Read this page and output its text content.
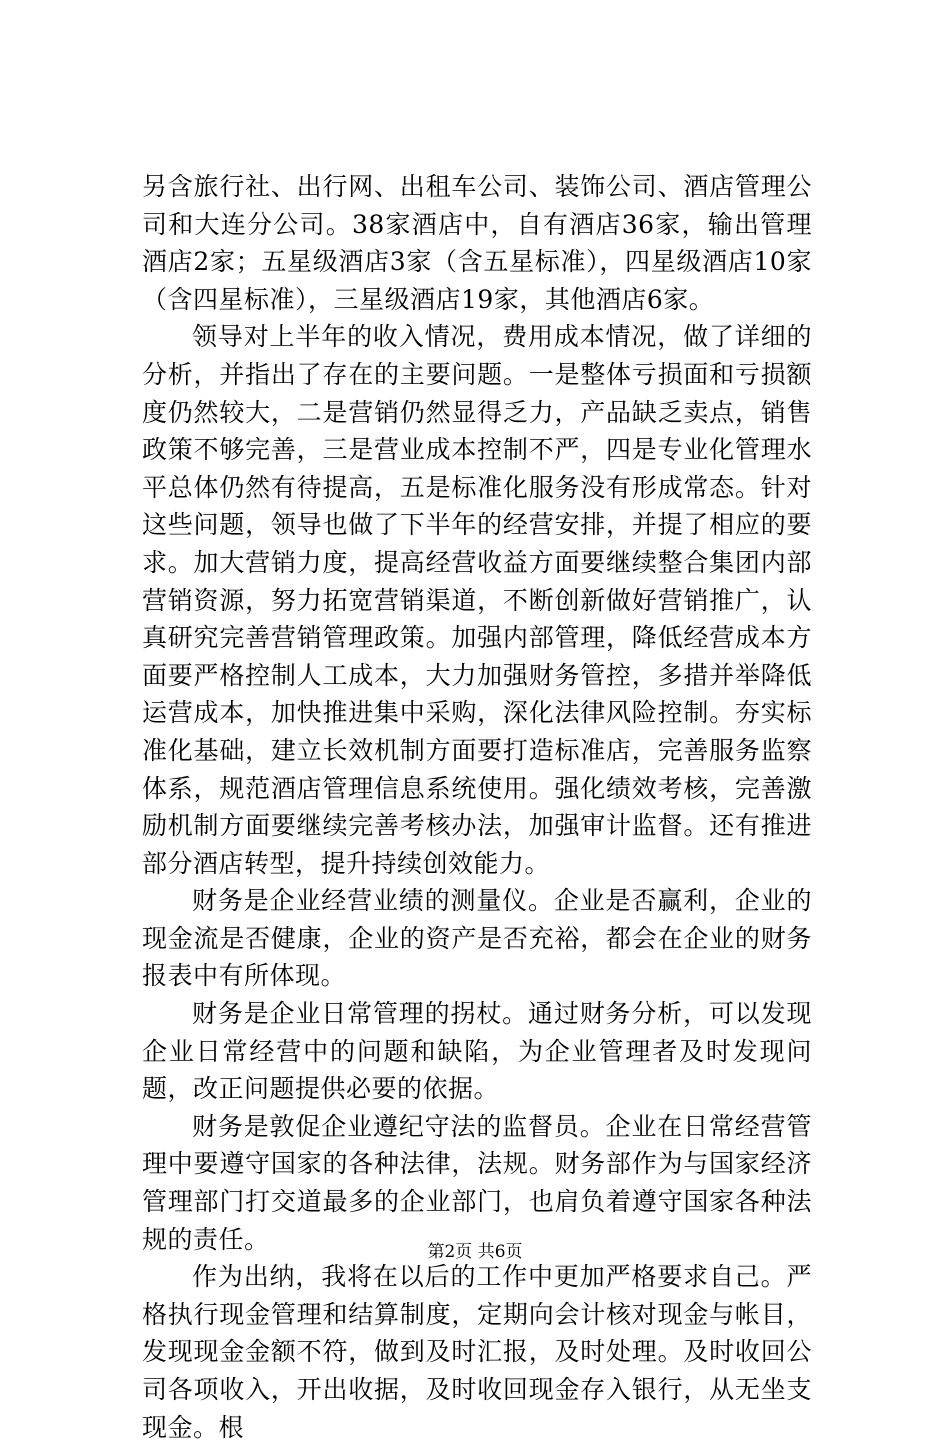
另含旅行社、出行网、出租车公司、装饰公司、酒店管理公司和大连分公司。38家酒店中，自有酒店36家，输出管理酒店2家；五星级酒店3家（含五星标准），四星级酒店10家（含四星标准），三星级酒店19家，其他酒店6家。

领导对上半年的收入情况，费用成本情况，做了详细的分析，并指出了存在的主要问题。一是整体亏损面和亏损额度仍然较大，二是营销仍然显得乏力，产品缺乏卖点，销售政策不够完善，三是营业成本控制不严，四是专业化管理水平总体仍然有待提高，五是标准化服务没有形成常态。针对这些问题，领导也做了下半年的经营安排，并提了相应的要求。加大营销力度，提高经营收益方面要继续整合集团内部营销资源，努力拓宽营销渠道，不断创新做好营销推广，认真研究完善营销管理政策。加强内部管理，降低经营成本方面要严格控制人工成本，大力加强财务管控，多措并举降低运营成本，加快推进集中采购，深化法律风险控制。夯实标准化基础，建立长效机制方面要打造标准店，完善服务监察体系，规范酒店管理信息系统使用。强化绩效考核，完善激励机制方面要继续完善考核办法，加强审计监督。还有推进部分酒店转型，提升持续创效能力。

财务是企业经营业绩的测量仪。企业是否赢利，企业的现金流是否健康，企业的资产是否充裕，都会在企业的财务报表中有所体现。

财务是企业日常管理的拐杖。通过财务分析，可以发现企业日常经营中的问题和缺陷，为企业管理者及时发现问题，改正问题提供必要的依据。

财务是敦促企业遵纪守法的监督员。企业在日常经营管理中要遵守国家的各种法律，法规。财务部作为与国家经济管理部门打交道最多的企业部门，也肩负着遵守国家各种法规的责任。

作为出纳，我将在以后的工作中更加严格要求自己。严格执行现金管理和结算制度，定期向会计核对现金与帐目，发现现金金额不符，做到及时汇报，及时处理。及时收回公司各项收入，开出收据，及时收回现金存入银行，从无坐支现金。根

第2页 共6页
